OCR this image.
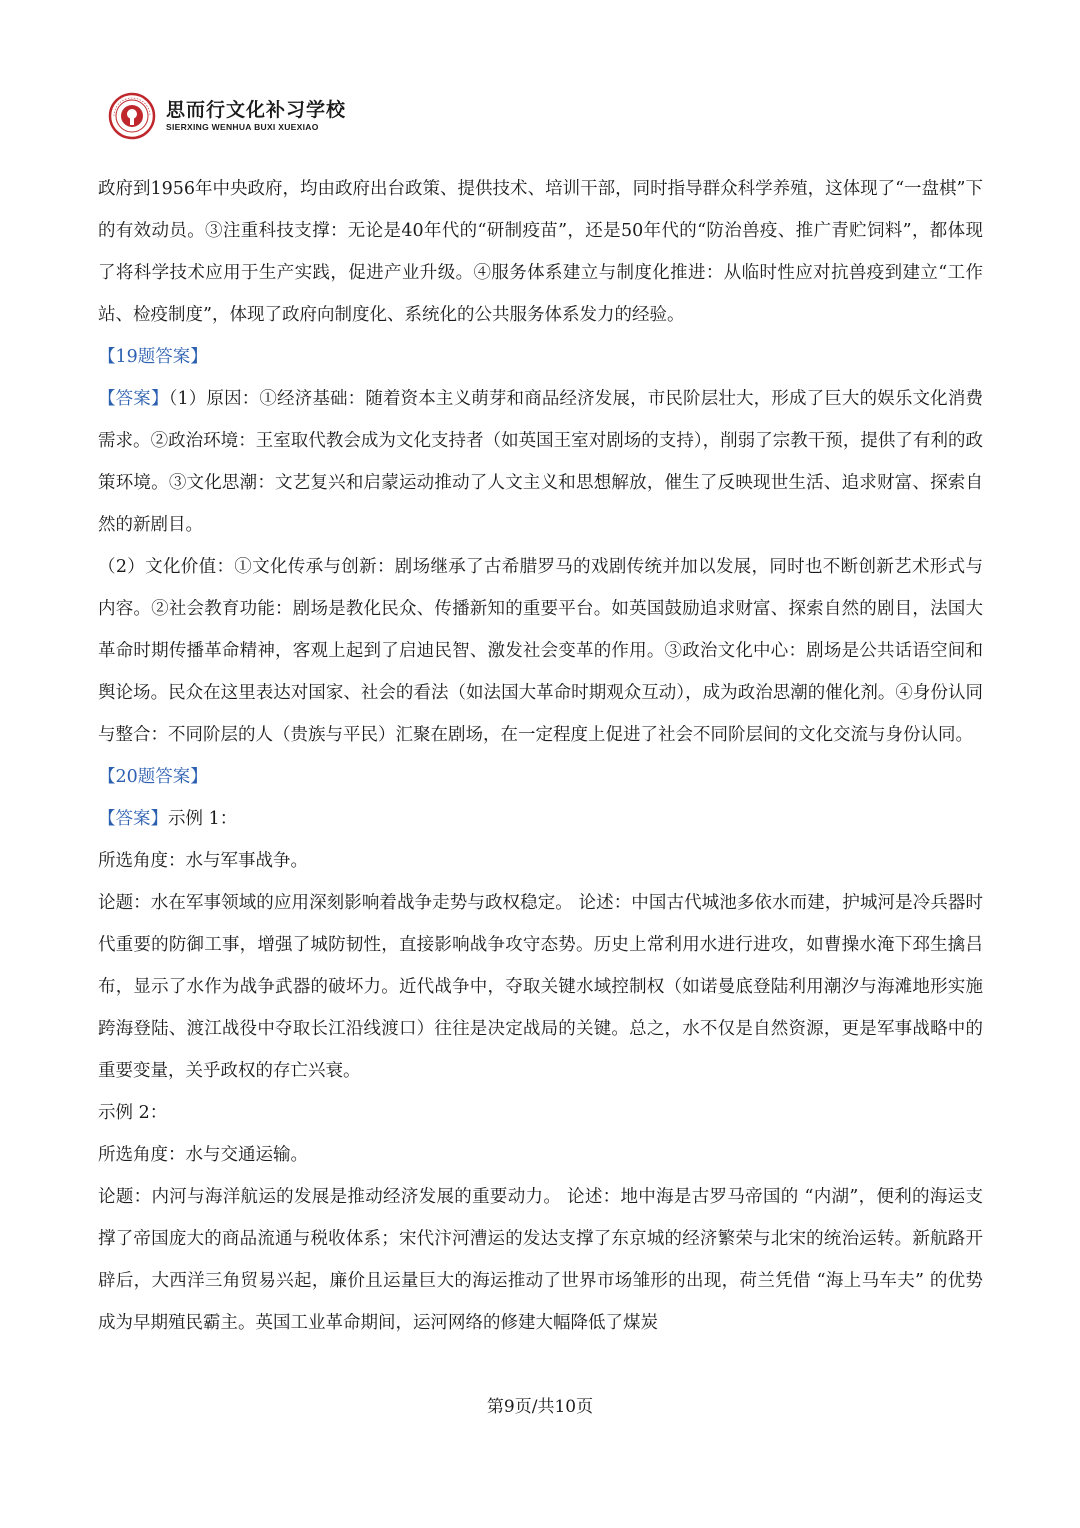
思而行文化补习学校
SIERXING WENHUA BUXI XUEXIAO

政府到1956年中央政府，均由政府出台政策、提供技术、培训干部，同时指导群众科学养殖，这体现了“一盘棋”下的有效动员。③注重科技支撑：无论是40年代的“研制疫苗”，还是50年代的“防治兽疫、推广青贮饲料”，都体现了将科学技术应用于生产实践，促进产业升级。④服务体系建立与制度化推进：从临时性应对抗兽疫到建立“工作站、检疫制度”，体现了政府向制度化、系统化的公共服务体系发力的经验。

【19题答案】

【答案】（1）原因：①经济基础：随着资本主义萌芽和商品经济发展，市民阶层壮大，形成了巨大的娱乐文化消费需求。②政治环境：王室取代教会成为文化支持者（如英国王室对剧场的支持），削弱了宗教干预，提供了有利的政策环境。③文化思潮：文艺复兴和启蒙运动推动了人文主义和思想解放，催生了反映现世生活、追求财富、探索自然的新剧目。

（2）文化价值：①文化传承与创新：剧场继承了古希腊罗马的戏剧传统并加以发展，同时也不断创新艺术形式与内容。②社会教育功能：剧场是教化民众、传播新知的重要平台。如英国鼓励追求财富、探索自然的剧目，法国大革命时期传播革命精神，客观上起到了启迪民智、激发社会变革的作用。③政治文化中心：剧场是公共话语空间和舆论场。民众在这里表达对国家、社会的看法（如法国大革命时期观众互动），成为政治思潮的催化剂。④身份认同与整合：不同阶层的人（贵族与平民）汇聚在剧场，在一定程度上促进了社会不同阶层间的文化交流与身份认同。

【20题答案】

【答案】示例 1：

所选角度：水与军事战争。

论题：水在军事领域的应用深刻影响着战争走势与政权稳定。 论述：中国古代城池多依水而建，护城河是冷兵器时代重要的防御工事，增强了城防韧性，直接影响战争攻守态势。历史上常利用水进行进攻，如曹操水淹下邳生擒吕布，显示了水作为战争武器的破坏力。近代战争中，夺取关键水域控制权（如诺曼底登陆利用潮汐与海滩地形实施跨海登陆、渡江战役中夺取长江沿线渡口）往往是决定战局的关键。总之，水不仅是自然资源，更是军事战略中的重要变量，关乎政权的存亡兴衰。

示例 2：

所选角度：水与交通运输。

论题：内河与海洋航运的发展是推动经济发展的重要动力。 论述：地中海是古罗马帝国的 “内湖”，便利的海运支撑了帝国庞大的商品流通与税收体系；宋代汴河漕运的发达支撑了东京城的经济繁荣与北宋的统治运转。新航路开辟后，大西洋三角贸易兴起，廉价且运量巨大的海运推动了世界市场雏形的出现，荷兰凭借 “海上马车夫” 的优势成为早期殖民霸主。英国工业革命期间，运河网络的修建大幅降低了煤炭

第9页/共10页
